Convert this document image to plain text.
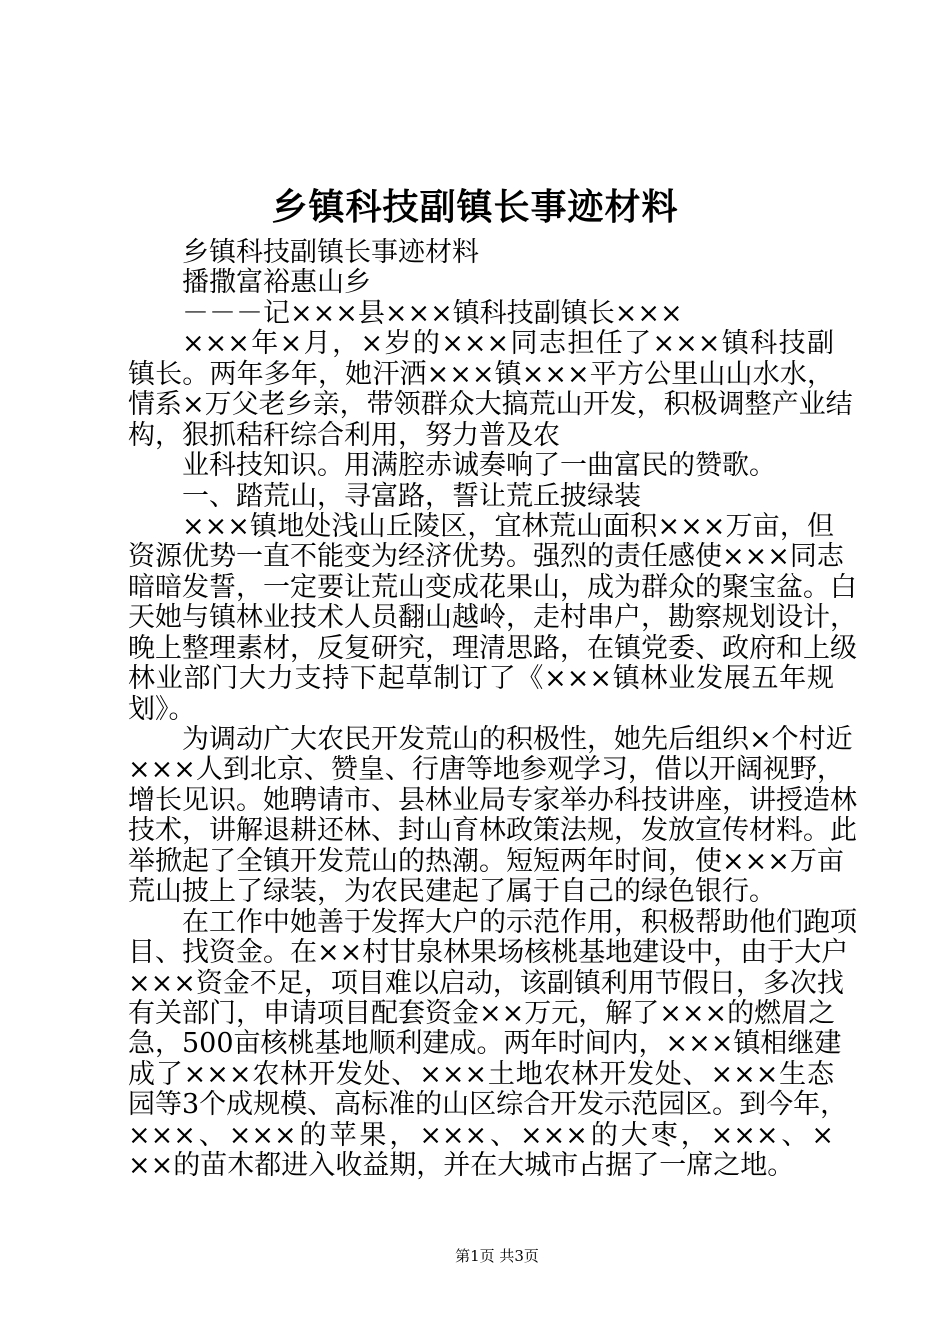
乡镇科技副镇长事迹材料
乡镇科技副镇长事迹材料
播撒富裕惠山乡
－－－记×××县×××镇科技副镇长×××
×××年×月，×岁的×××同志担任了×××镇科技副
镇长。两年多年，她汗洒×××镇×××平方公里山山水水，
情系×万父老乡亲，带领群众大搞荒山开发，积极调整产业结
构，狠抓秸秆综合利用，努力普及农
业科技知识。用满腔赤诚奏响了一曲富民的赞歌。
一、踏荒山，寻富路，誓让荒丘披绿装
×××镇地处浅山丘陵区，宜林荒山面积×××万亩，但
资源优势一直不能变为经济优势。强烈的责任感使×××同志
暗暗发誓，一定要让荒山变成花果山，成为群众的聚宝盆。白
天她与镇林业技术人员翻山越岭，走村串户，勘察规划设计，
晚上整理素材，反复研究，理清思路，在镇党委、政府和上级
林业部门大力支持下起草制订了《×××镇林业发展五年规
划》。
为调动广大农民开发荒山的积极性，她先后组织×个村近
×××人到北京、赞皇、行唐等地参观学习，借以开阔视野，
增长见识。她聘请市、县林业局专家举办科技讲座，讲授造林
技术，讲解退耕还林、封山育林政策法规，发放宣传材料。此
举掀起了全镇开发荒山的热潮。短短两年时间，使×××万亩
荒山披上了绿装，为农民建起了属于自己的绿色银行。
在工作中她善于发挥大户的示范作用，积极帮助他们跑项
目、找资金。在××村甘泉林果场核桃基地建设中，由于大户
×××资金不足，项目难以启动，该副镇利用节假日，多次找
有关部门，申请项目配套资金××万元，解了×××的燃眉之
急，500亩核桃基地顺利建成。两年时间内，×××镇相继建
成了×××农林开发处、×××土地农林开发处、×××生态
园等3个成规模、高标准的山区综合开发示范园区。到今年，
×××、×××的苹果，×××、×××的大枣，×××、×
××的苗木都进入收益期，并在大城市占据了一席之地。
第1页 共3页
